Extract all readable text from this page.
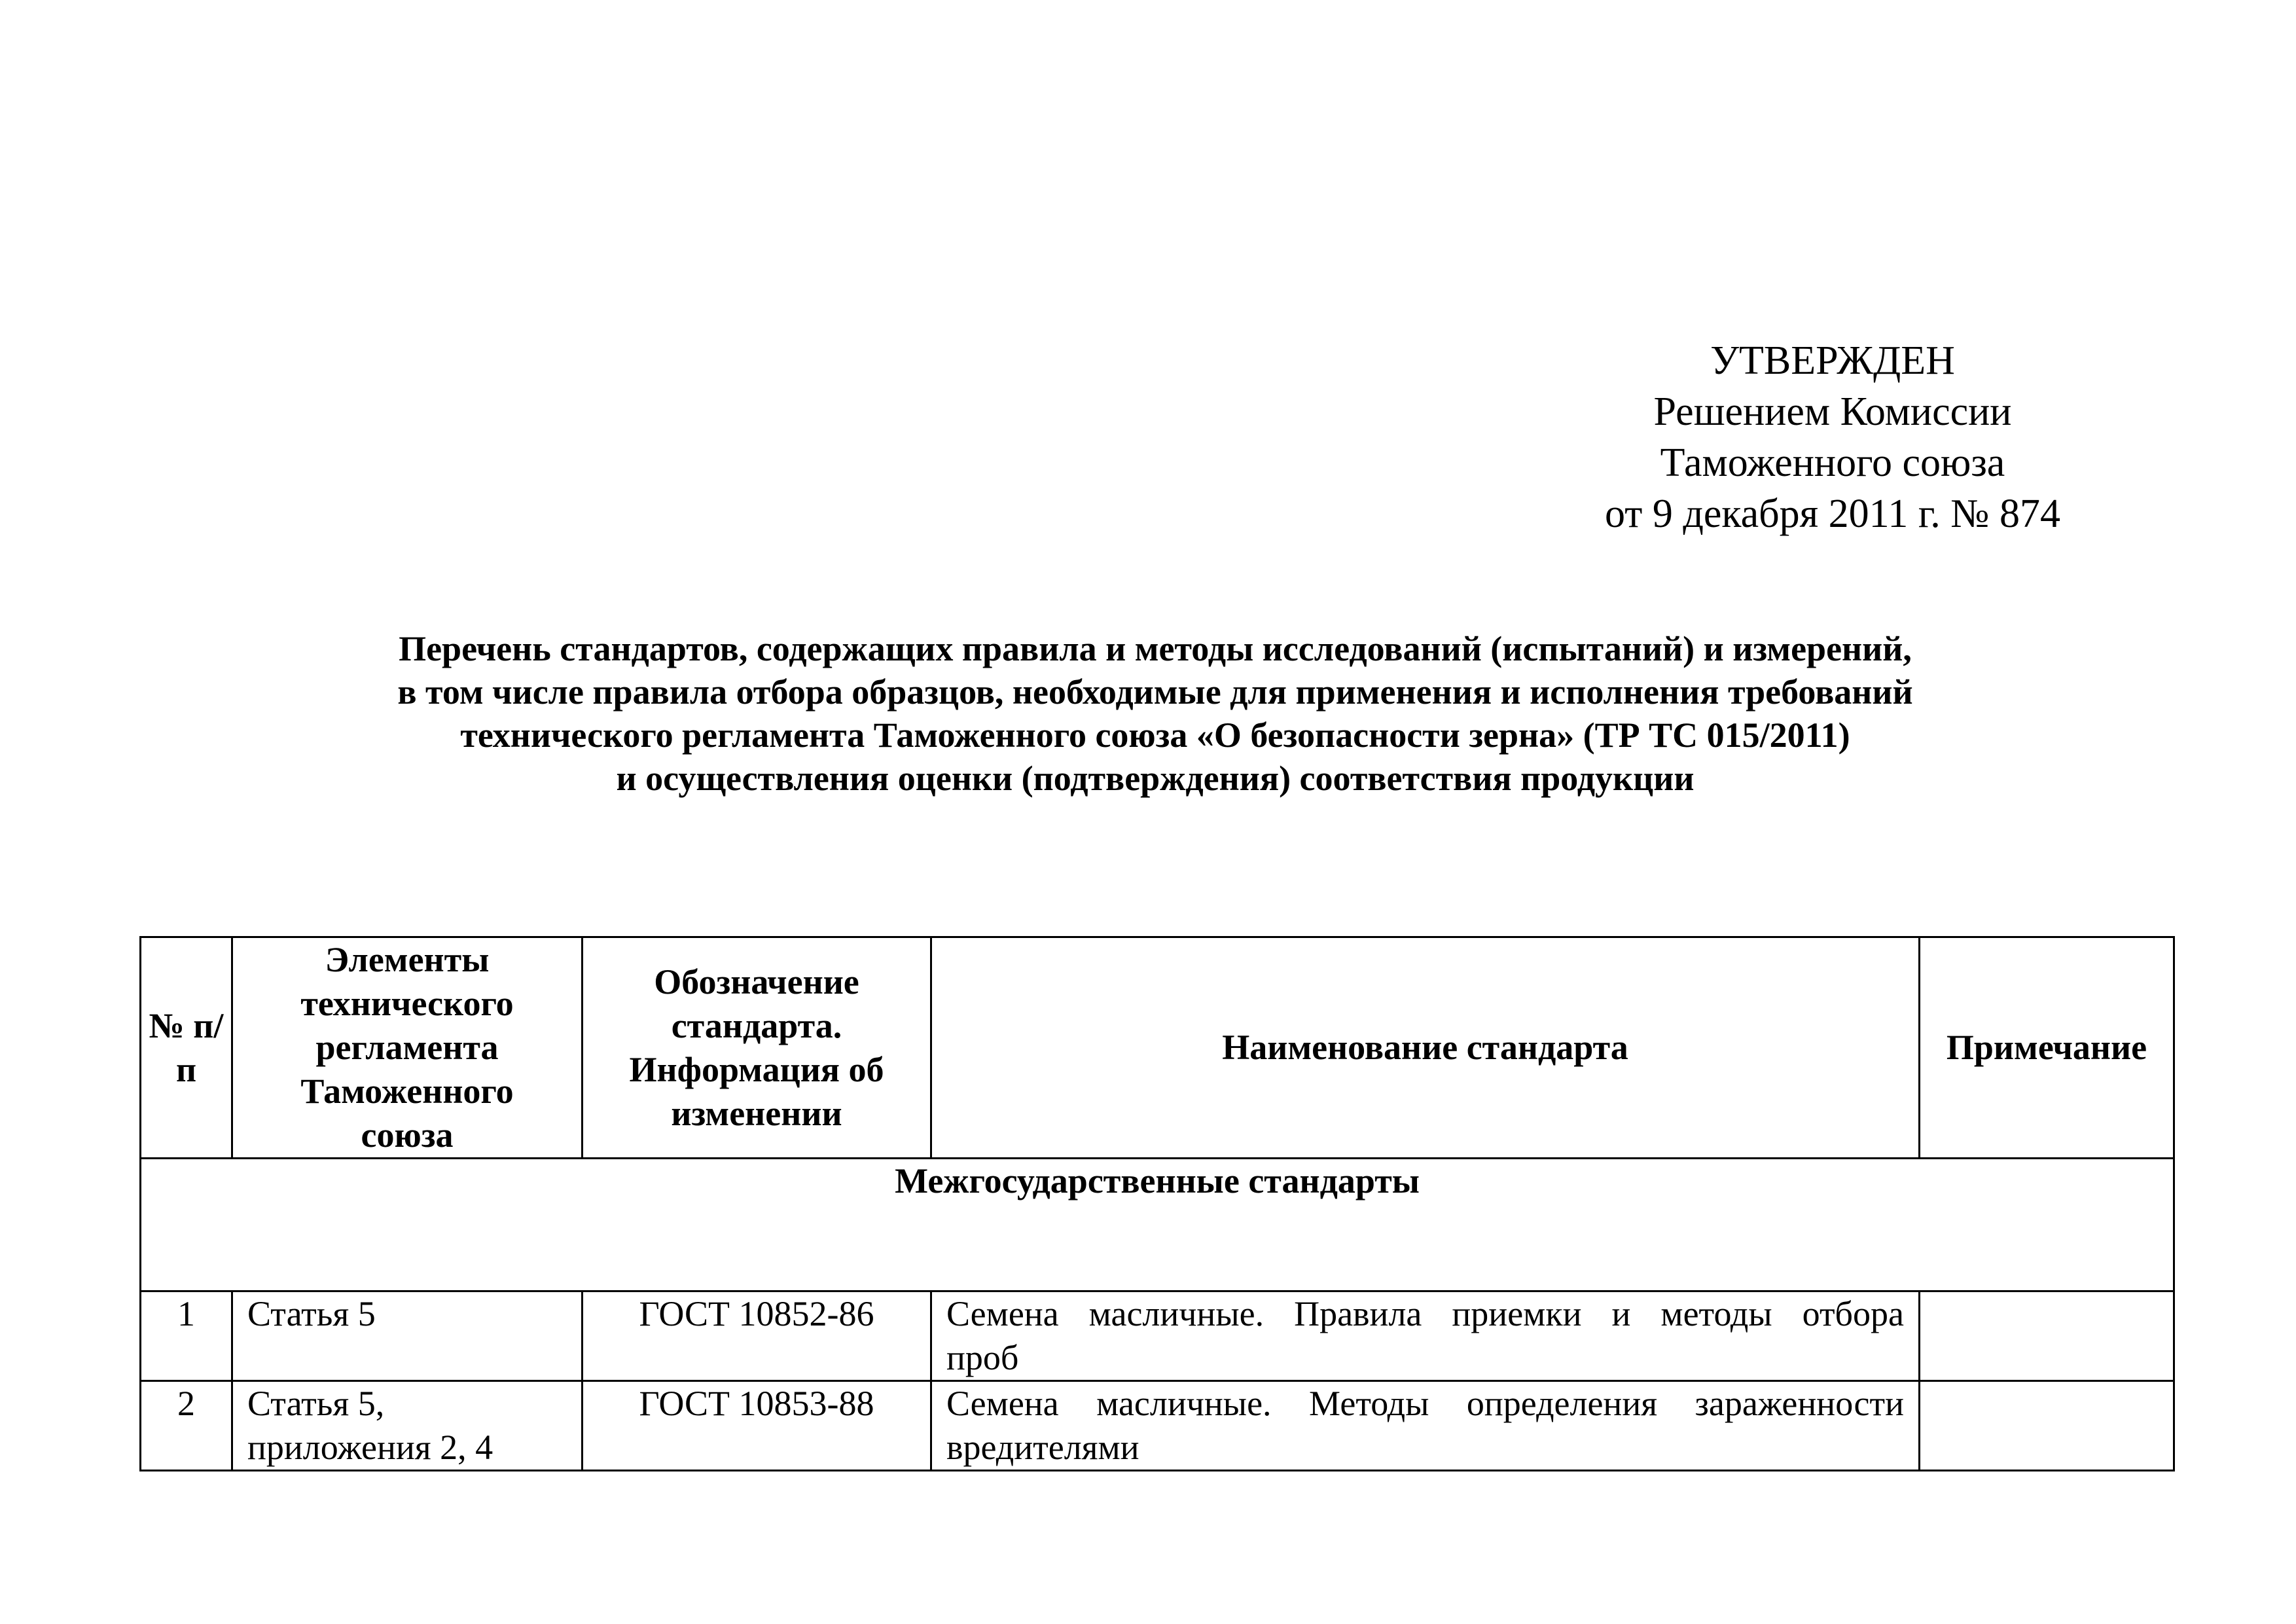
УТВЕРЖДЕН
Решением Комиссии
Таможенного союза
от 9 декабря 2011 г. № 874
Перечень стандартов, содержащих правила и методы исследований (испытаний) и измерений,
в том числе правила отбора образцов, необходимые для применения и исполнения требований
технического регламента Таможенного союза «О безопасности зерна» (ТР ТС 015/2011)
и осуществления оценки (подтверждения) соответствия продукции
№ п/п	Элементы технического регламента Таможенного союза	Обозначение стандарта. Информация об изменении	Наименование стандарта	Примечание
Межгосударственные стандарты				
1	Статья 5	ГОСТ 10852-86	Семена масличные. Правила приемки и методы отбора
проб	
2	Статья 5, приложения 2, 4	ГОСТ 10853-88	Семена масличные. Методы определения зараженности
вредителями	
